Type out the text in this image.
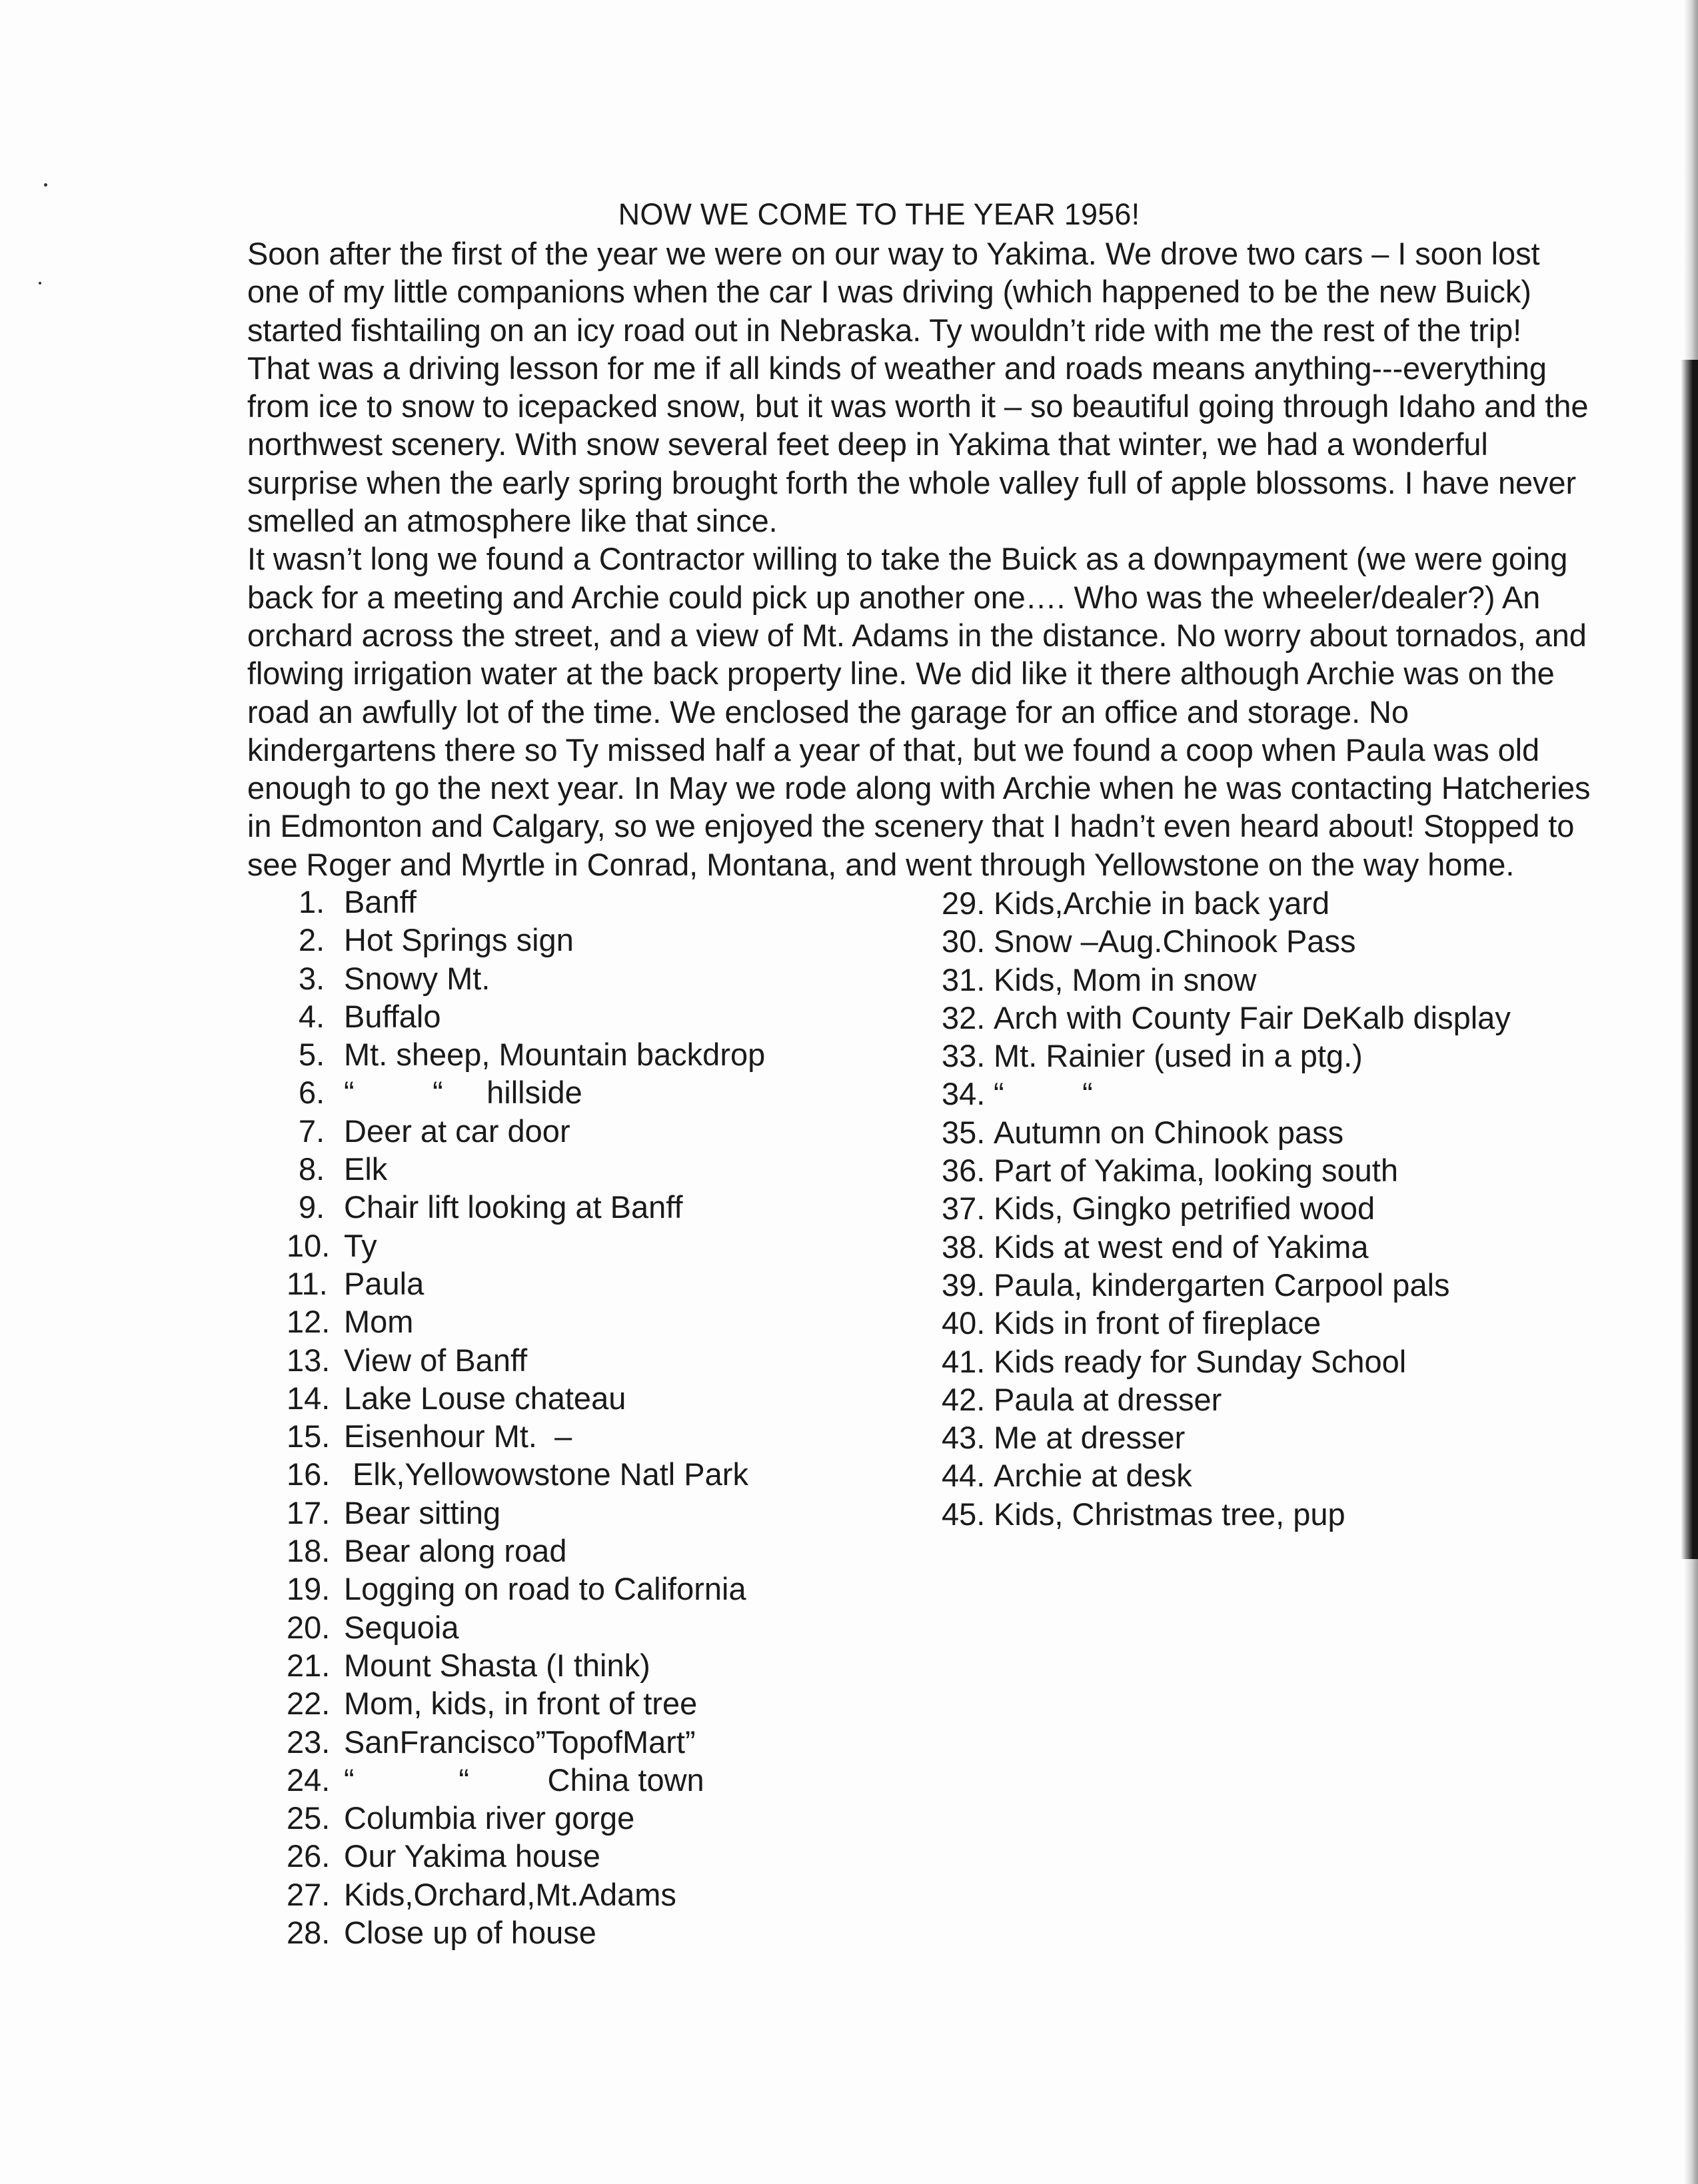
NOW WE COME TO THE YEAR 1956!
Soon after the first of the year we were on our way to Yakima. We drove two cars – I soon lost
one of my little companions when the car I was driving (which happened to be the new Buick)
started fishtailing on an icy road out in Nebraska. Ty wouldn’t ride with me the rest of the trip!
That was a driving lesson for me if all kinds of weather and roads means anything---everything
from ice to snow to icepacked snow, but it was worth it – so beautiful going through Idaho and the
northwest scenery. With snow several feet deep in Yakima that winter, we had a wonderful
surprise when the early spring brought forth the whole valley full of apple blossoms. I have never
smelled an atmosphere like that since.
It wasn’t long we found a Contractor willing to take the Buick as a downpayment (we were going
back for a meeting and Archie could pick up another one…. Who was the wheeler/dealer?) An
orchard across the street, and a view of Mt. Adams in the distance. No worry about tornados, and
flowing irrigation water at the back property line. We did like it there although Archie was on the
road an awfully lot of the time. We enclosed the garage for an office and storage. No
kindergartens there so Ty missed half a year of that, but we found a coop when Paula was old
enough to go the next year. In May we rode along with Archie when he was contacting Hatcheries
in Edmonton and Calgary, so we enjoyed the scenery that I hadn’t even heard about! Stopped to
see Roger and Myrtle in Conrad, Montana, and went through Yellowstone on the way home.
1. Banff
2. Hot Springs sign
3. Snowy Mt.
4. Buffalo
5. Mt. sheep, Mountain backdrop
6. “         “     hillside
7. Deer at car door
8. Elk
9. Chair lift looking at Banff
10. Ty
11. Paula
12. Mom
13. View of Banff
14. Lake Louse chateau
15. Eisenhour Mt.  –
16. Elk,Yellowowstone Natl Park
17. Bear sitting
18. Bear along road
19. Logging on road to California
20. Sequoia
21. Mount Shasta (I think)
22. Mom, kids, in front of tree
23. SanFrancisco”TopofMart”
24. “            “         China town
25. Columbia river gorge
26. Our Yakima house
27. Kids,Orchard,Mt.Adams
28. Close up of house
29. Kids,Archie in back yard
30. Snow –Aug.Chinook Pass
31. Kids, Mom in snow
32. Arch with County Fair DeKalb display
33. Mt. Rainier (used in a ptg.)
34. “         “
35. Autumn on Chinook pass
36. Part of Yakima, looking south
37. Kids, Gingko petrified wood
38. Kids at west end of Yakima
39. Paula, kindergarten Carpool pals
40. Kids in front of fireplace
41. Kids ready for Sunday School
42. Paula at dresser
43. Me at dresser
44. Archie at desk
45. Kids, Christmas tree, pup
